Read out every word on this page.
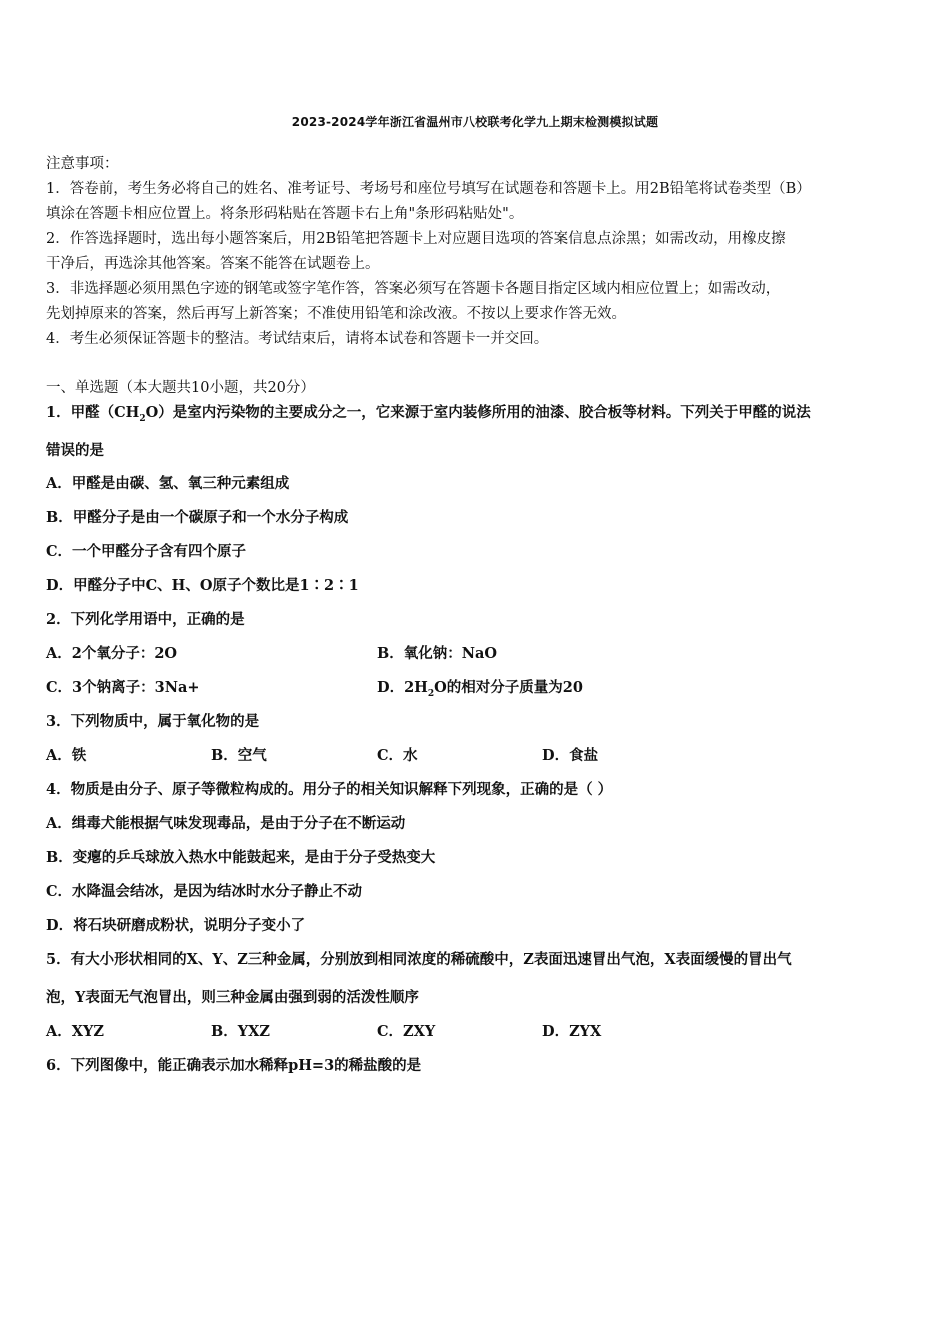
2023-2024学年浙江省温州市八校联考化学九上期末检测模拟试题
注意事项：
1．答卷前，考生务必将自己的姓名、准考证号、考场号和座位号填写在试题卷和答题卡上。用2B铅笔将试卷类型（B）
填涂在答题卡相应位置上。将条形码粘贴在答题卡右上角"条形码粘贴处"。
2．作答选择题时，选出每小题答案后，用2B铅笔把答题卡上对应题目选项的答案信息点涂黑；如需改动，用橡皮擦
干净后，再选涂其他答案。答案不能答在试题卷上。
3．非选择题必须用黑色字迹的钢笔或签字笔作答，答案必须写在答题卡各题目指定区域内相应位置上；如需改动，
先划掉原来的答案，然后再写上新答案；不准使用铅笔和涂改液。不按以上要求作答无效。
4．考生必须保证答题卡的整洁。考试结束后，请将本试卷和答题卡一并交回。
一、单选题（本大题共10小题，共20分）
1．甲醛$(CH_2O)$是室内污染物的主要成分之一，它来源于室内装修所用的油漆、胶合板等材料。下列关于甲醛的说法
错误的是
A．甲醛是由碳、氢、氧三种元素组成
B．甲醛分子是由一个碳原子和一个水分子构成
C．一个甲醛分子含有四个原子
D．甲醛分子中C、H、O原子个数比是1∶2∶1
2．下列化学用语中，正确的是
A．2个氧分子：2O	B．氧化钠：NaO
C．3个钠离子：3Na+	D．$2H_2O$的相对分子质量为20
3．下列物质中，属于氧化物的是
A．铁	B．空气	C．水	D．食盐
4．物质是由分子、原子等微粒构成的。用分子的相关知识解释下列现象，正确的是（ ）
A．缉毒犬能根据气味发现毒品，是由于分子在不断运动
B．变瘪的乒乓球放入热水中能鼓起来，是由于分子受热变大
C．水降温会结冰，是因为结冰时水分子静止不动
D．将石块研磨成粉状，说明分子变小了
5．有大小形状相同的X、Y、Z三种金属，分别放到相同浓度的稀硫酸中，Z表面迅速冒出气泡，X表面缓慢的冒出气
泡，Y表面无气泡冒出，则三种金属由强到弱的活泼性顺序
A．XYZ	B．YXZ	C．ZXY	D．ZYX
6．下列图像中，能正确表示加水稀释pH=3的稀盐酸的是
